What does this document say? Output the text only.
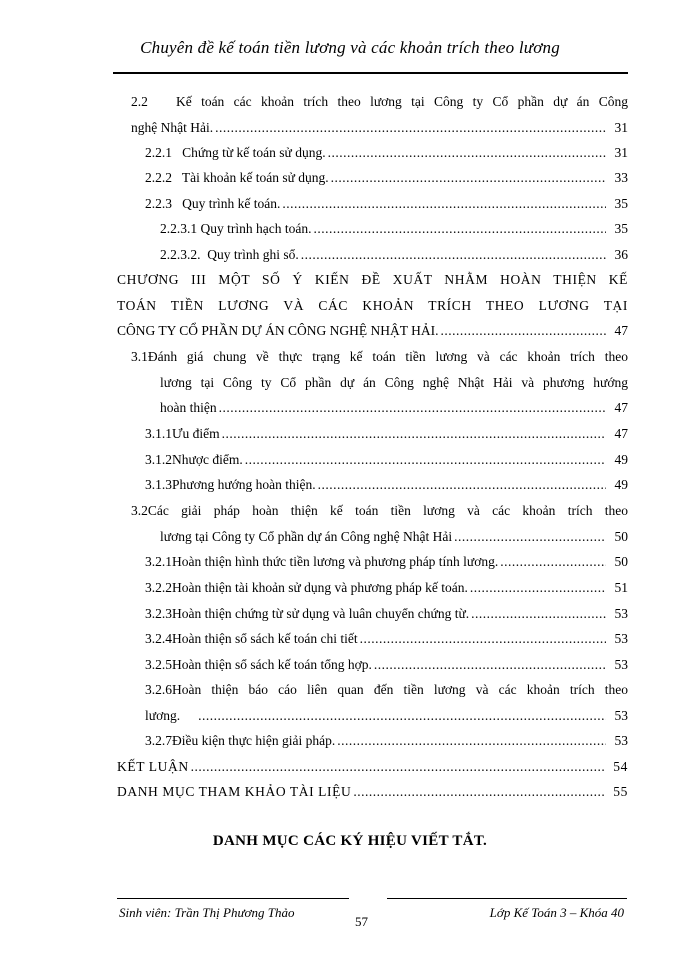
Chuyên đề kế toán tiền lương và các khoản trích theo lương
2.2   Kế toán các khoản trích theo lương tại Công ty Cổ phần dự án Công
nghệ Nhật Hải. .....	31
2.2.1   Chứng từ kế toán sử dụng. .....	31
2.2.2   Tài khoản kế toán sử dụng. .....	33
2.2.3   Quy trình kế toán. .....	35
2.2.3.1 Quy trình hạch toán. .....	35
2.2.3.2.  Quy trình ghi sổ. .....	36
CHƯƠNG III MỘT SỐ Ý KIẾN ĐỀ XUẤT NHẰM HOÀN THIỆN KẾ
TOÁN TIỀN LƯƠNG VÀ CÁC KHOẢN TRÍCH THEO LƯƠNG TẠI
CÔNG TY CỔ PHẦN DỰ ÁN CÔNG NGHỆ NHẬT HẢI. .....	47
3.1Đánh giá chung về thực trạng kế toán tiền lương và các khoản trích theo
lương tại Công ty Cổ phần dự án Công nghệ Nhật Hải và phương hướng
hoàn thiện .....	47
3.1.1Ưu điểm .....	47
3.1.2Nhược điểm. .....	49
3.1.3Phương hướng hoàn thiện. .....	49
3.2Các giải pháp hoàn thiện kế toán tiền lương và các khoản trích theo
lương tại Công ty Cổ phần dự án Công nghệ Nhật Hải .....	50
3.2.1Hoàn thiện hình thức tiền lương và phương pháp tính lương. .....	50
3.2.2Hoàn thiện tài khoản sử dụng và phương pháp kế toán. .....	51
3.2.3Hoàn thiện chứng từ sử dụng và luân chuyển chứng từ. .....	53
3.2.4Hoàn thiện sổ sách kế toán chi tiết .....	53
3.2.5Hoàn thiện sổ sách kế toán tổng hợp. .....	53
3.2.6Hoàn thiện báo cáo liên quan đến tiền lương và các khoản trích theo
lương. .....	53
3.2.7Điều kiện thực hiện giải pháp. .....	53
KẾT LUẬN .....	54
DANH MỤC THAM KHẢO TÀI LIỆU .....	55
DANH MỤC CÁC KÝ HIỆU VIẾT TẮT.
Sinh viên: Trần Thị Phương Thảo
57
Lớp Kế Toán 3 – Khóa 40
